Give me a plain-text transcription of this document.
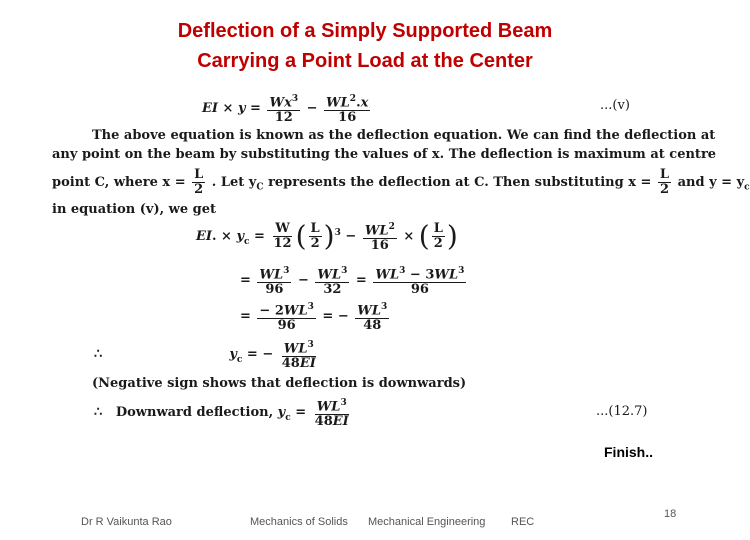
Deflection of a Simply Supported Beam
Carrying a Point Load at the Center
EI × $y = \frac{Wx^3}{12} - \frac{WL^2.x}{16}$	...(v)
The above equation is known as the deflection equation. We can find the deflection at
any point on the beam by substituting the values of x. The deflection is maximum at centre
point C, where $x = \frac{L}{2}$ . Let $y_C$ represents the deflection at C. Then substituting $x = \frac{L}{2}$ and $y = y_c$
in equation (v), we get
EI. × $y_c = \frac{W}{12}$ ( $\frac{L}{2} )^3 - \frac{WL^2}{16}$ × ( $\frac{L}{2}$ )
= $\frac{WL^3}{96} - \frac{WL^3}{32} = \frac{WL^3 - 3WL^3}{96}$
= $\frac{- 2WL^3}{96}$ = − $\frac{WL^3}{48}$
∴	$y_c$ = − $\frac{WL^3}{48EI}$
(Negative sign shows that deflection is downwards)
∴   Downward deflection, $y_c = \frac{WL^3}{48EI}$	...(12.7)
Finish..
Dr R Vaikunta Rao	Mechanics of Solids Mechanical Engineering REC
18
